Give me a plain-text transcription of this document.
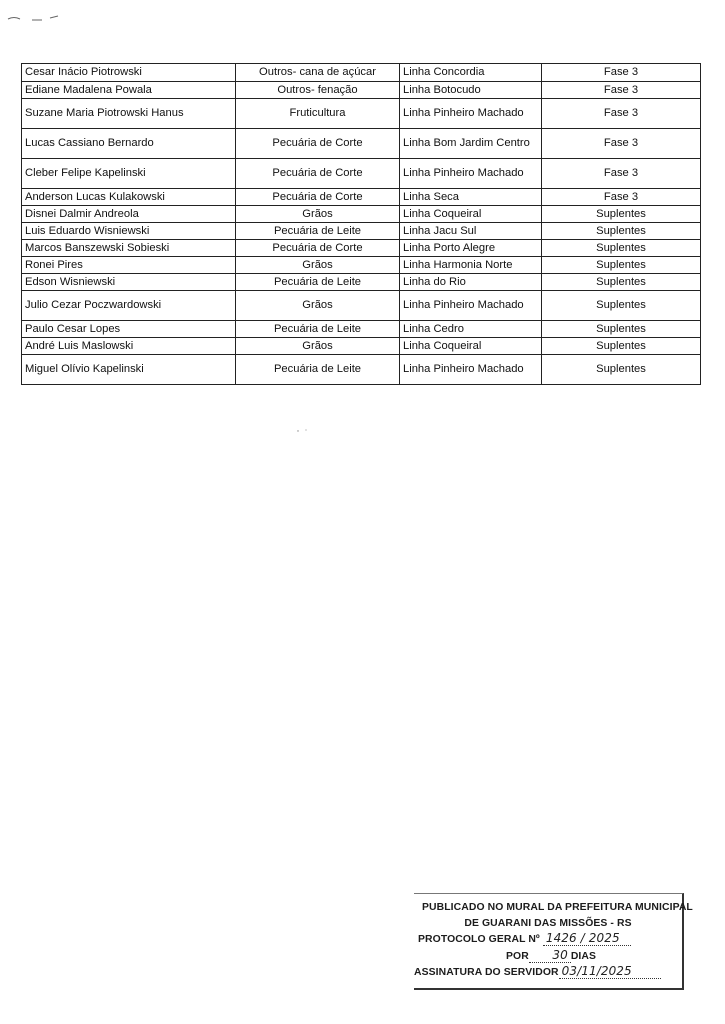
Cesar Inácio Piotrowski	Outros- cana de açúcar	Linha Concordia	Fase 3
Ediane Madalena Powala	Outros- fenação	Linha Botocudo	Fase 3
Suzane Maria Piotrowski Hanus	Fruticultura	Linha Pinheiro Machado	Fase 3
Lucas Cassiano Bernardo	Pecuária de Corte	Linha Bom Jardim Centro	Fase 3
Cleber Felipe Kapelinski	Pecuária de Corte	Linha Pinheiro Machado	Fase 3
Anderson Lucas Kulakowski	Pecuária de Corte	Linha Seca	Fase 3
Disnei Dalmir Andreola	Grãos	Linha Coqueiral	Suplentes
Luis Eduardo Wisniewski	Pecuária de Leite	Linha Jacu Sul	Suplentes
Marcos Banszewski Sobieski	Pecuária de Corte	Linha Porto Alegre	Suplentes
Ronei Pires	Grãos	Linha Harmonia Norte	Suplentes
Edson Wisniewski	Pecuária de Leite	Linha do Rio	Suplentes
Julio Cezar Poczwardowski	Grãos	Linha Pinheiro Machado	Suplentes
Paulo Cesar Lopes	Pecuária de Leite	Linha Cedro	Suplentes
André Luis Maslowski	Grãos	Linha Coqueiral	Suplentes
Miguel Olívio Kapelinski	Pecuária de Leite	Linha Pinheiro Machado	Suplentes
PUBLICADO NO MURAL DA PREFEITURA MUNICIPAL
DE GUARANI DAS MISSÕES - RS
PROTOCOLO GERAL Nº 1426 / 2025
POR 30 DIAS
ASSINATURA DO SERVIDOR 03/11/2025
